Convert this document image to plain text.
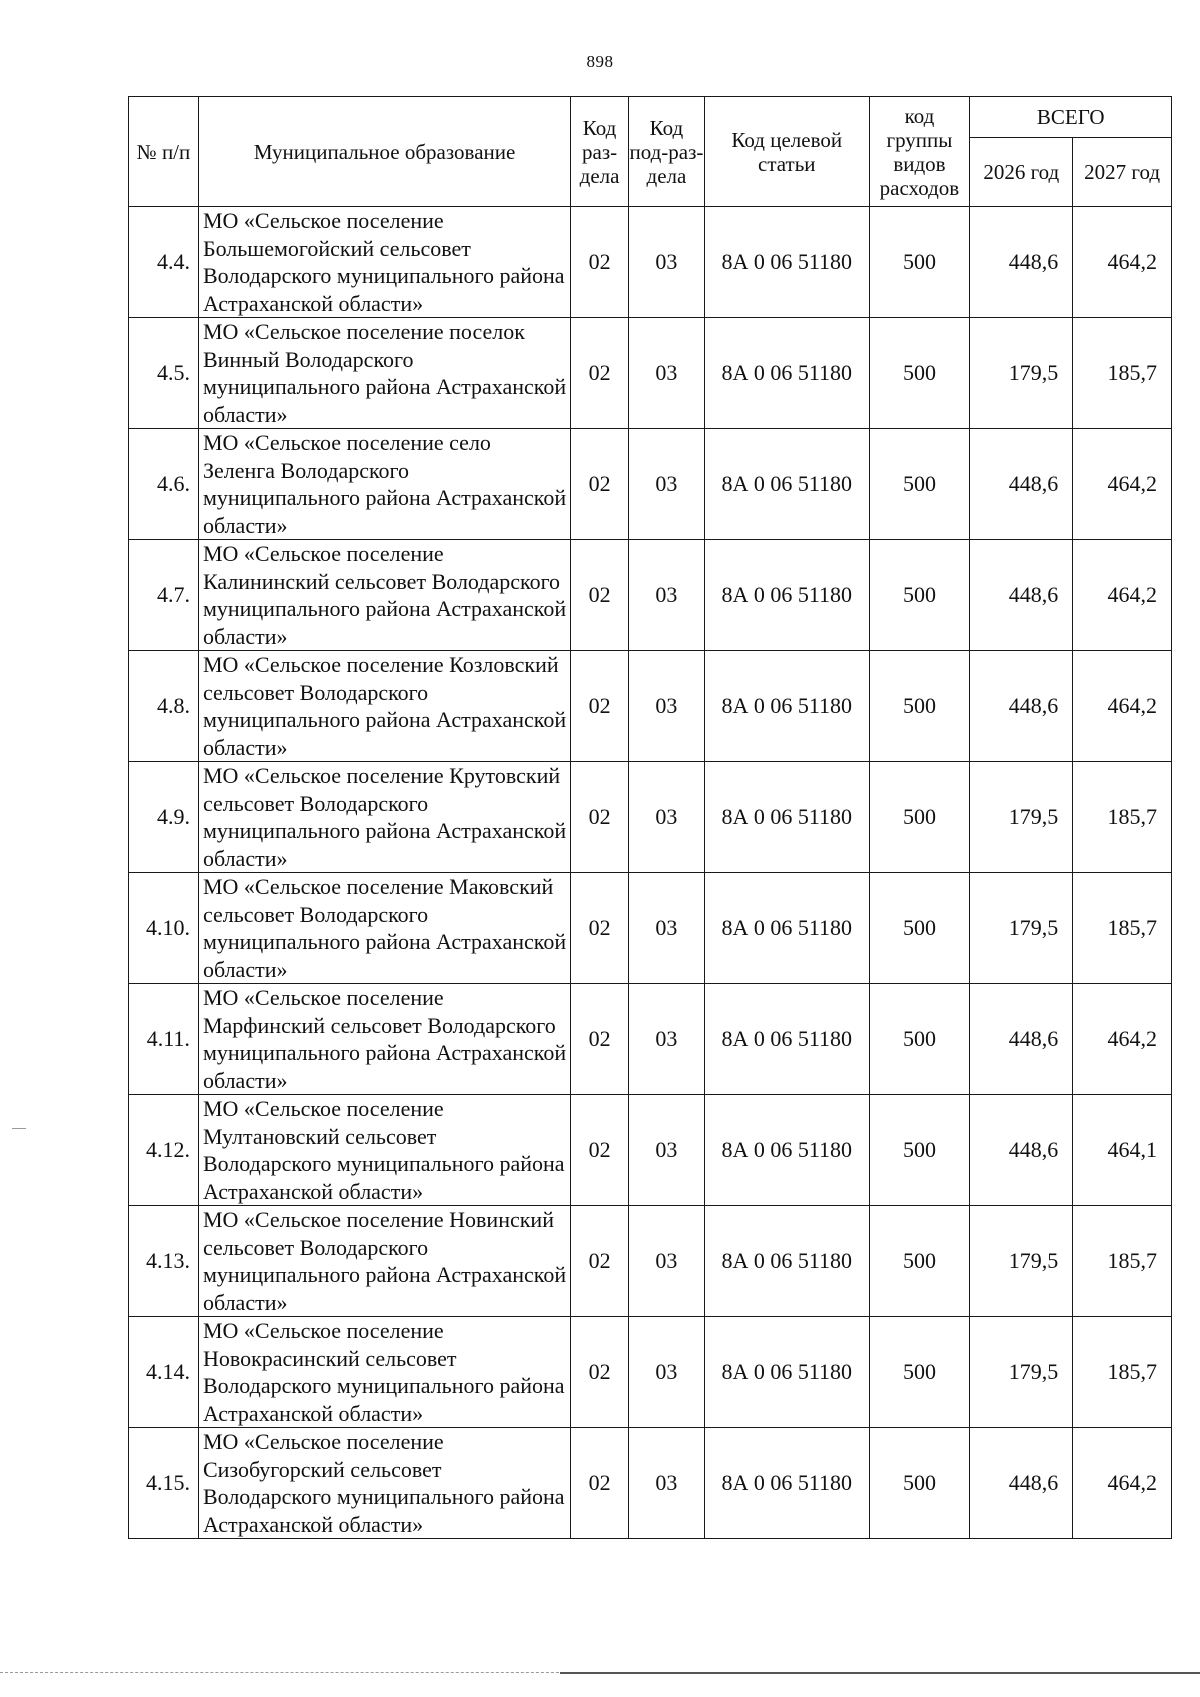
898
№ п/п	Муниципальное образование	Код раз-дела	Код под-раз-дела	Код целевой статьи	код группы видов расходов	ВСЕГО	
						2026 год	2027 год
4.4.	МО «Сельское поселение Большемогойский сельсовет Володарского муниципального района Астраханской области»	02	03	8А 0 06 51180	500	448,6	464,2
4.5.	МО «Сельское поселение поселок Винный Володарского муниципального района Астраханской области»	02	03	8А 0 06 51180	500	179,5	185,7
4.6.	МО «Сельское поселение село Зеленга Володарского муниципального района Астраханской области»	02	03	8А 0 06 51180	500	448,6	464,2
4.7.	МО «Сельское поселение Калининский сельсовет Володарского муниципального района Астраханской области»	02	03	8А 0 06 51180	500	448,6	464,2
4.8.	МО «Сельское поселение Козловский сельсовет Володарского муниципального района Астраханской области»	02	03	8А 0 06 51180	500	448,6	464,2
4.9.	МО «Сельское поселение Крутовский сельсовет Володарского муниципального района Астраханской области»	02	03	8А 0 06 51180	500	179,5	185,7
4.10.	МО «Сельское поселение Маковский сельсовет Володарского муниципального района Астраханской области»	02	03	8А 0 06 51180	500	179,5	185,7
4.11.	МО «Сельское поселение Марфинский сельсовет Володарского муниципального района Астраханской области»	02	03	8А 0 06 51180	500	448,6	464,2
4.12.	МО «Сельское поселение Мултановский сельсовет Володарского муниципального района Астраханской области»	02	03	8А 0 06 51180	500	448,6	464,1
4.13.	МО «Сельское поселение Новинский сельсовет Володарского муниципального района Астраханской области»	02	03	8А 0 06 51180	500	179,5	185,7
4.14.	МО «Сельское поселение Новокрасинский сельсовет Володарского муниципального района Астраханской области»	02	03	8А 0 06 51180	500	179,5	185,7
4.15.	МО «Сельское поселение Сизобугорский сельсовет Володарского муниципального района Астраханской области»	02	03	8А 0 06 51180	500	448,6	464,2
